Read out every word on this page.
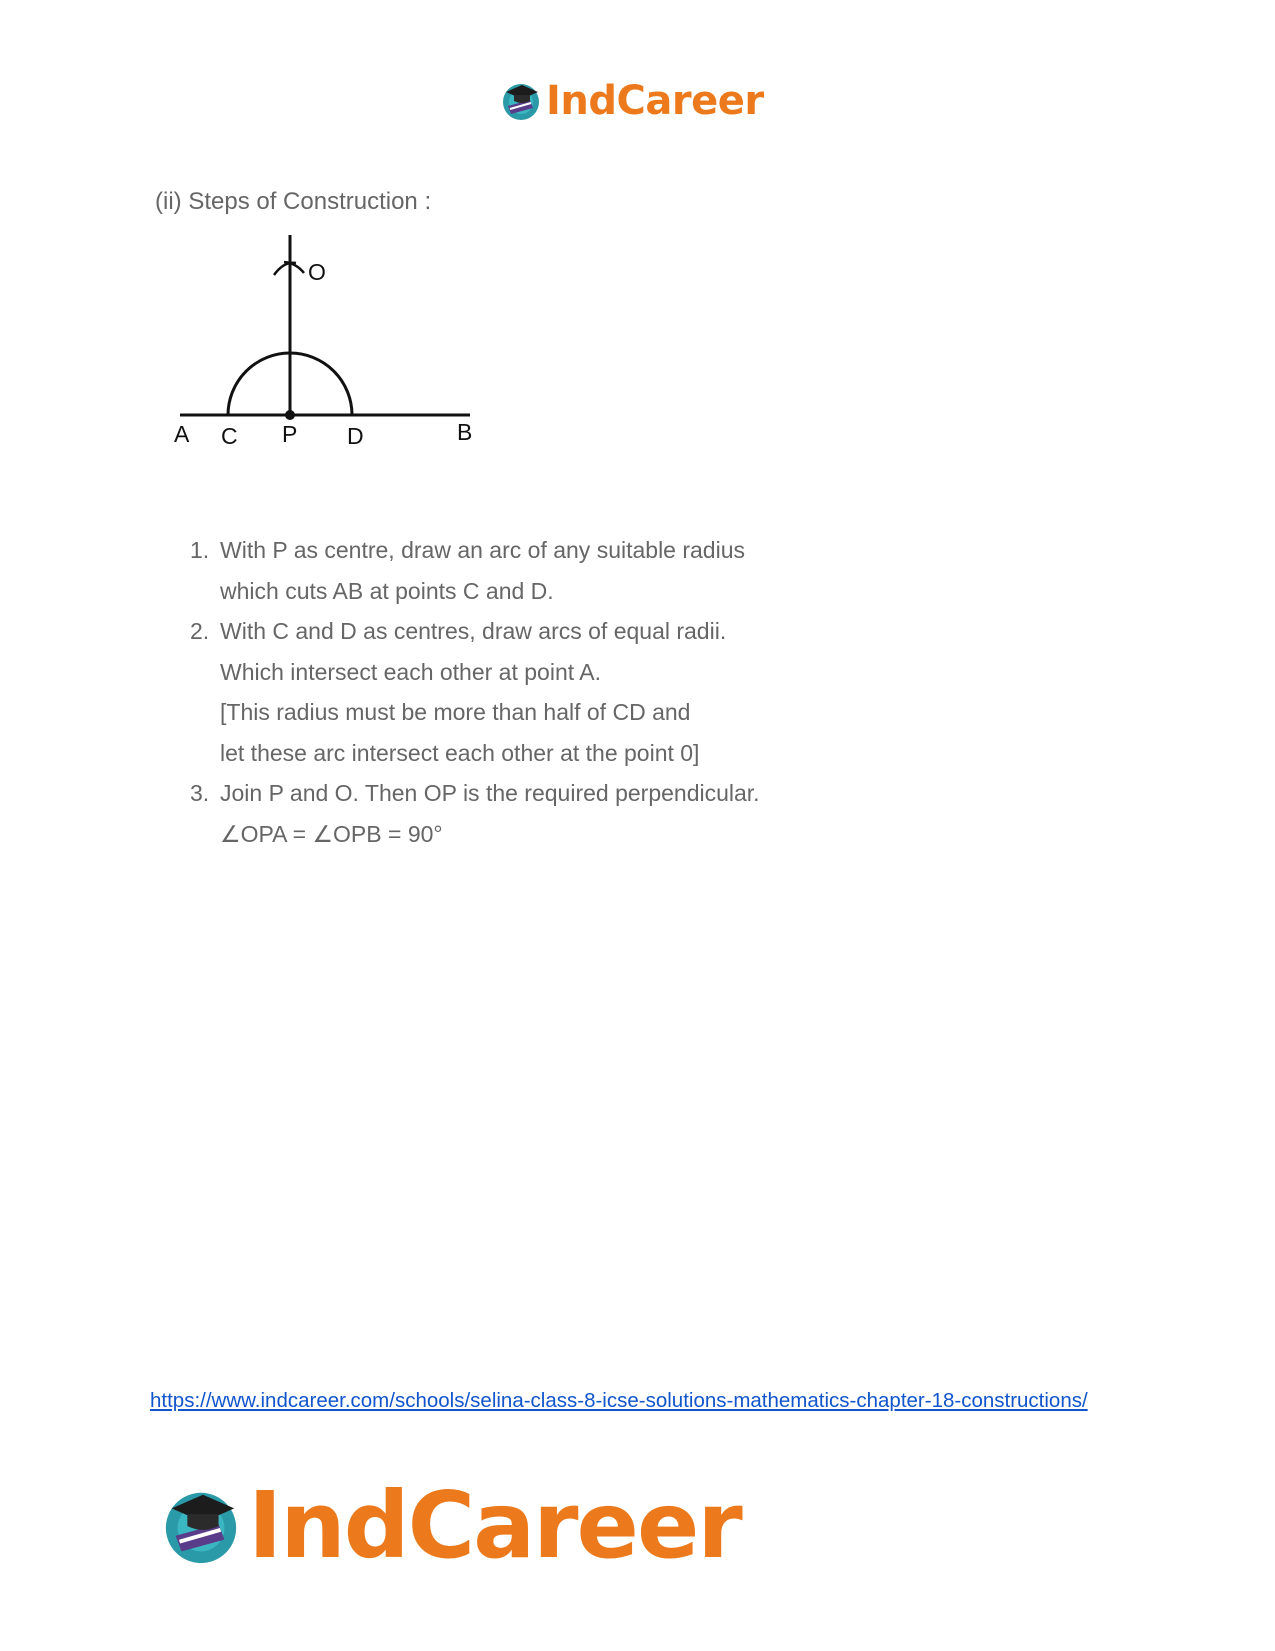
IndCareer
(ii) Steps of Construction :
O
A C P D	B
1. With P as centre, draw an arc of any suitable radius
which cuts AB at points C and D.
2. With C and D as centres, draw arcs of equal radii.
Which intersect each other at point A.
[This radius must be more than half of CD and
let these arc intersect each other at the point 0]
3. Join P and O. Then OP is the required perpendicular.
∠OPA = ∠OPB = 90°
https://www.indcareer.com/schools/selina-class-8-icse-solutions-mathematics-chapter-18-constructions/
IndCareer
